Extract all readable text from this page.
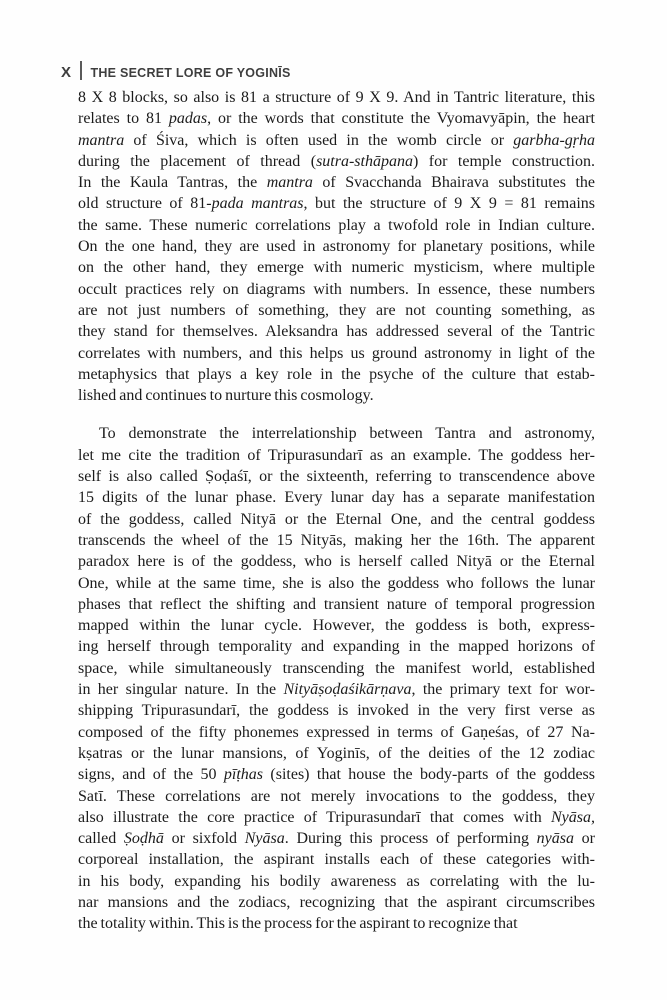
X THE SECRET LORE OF YOGINĪS
8 X 8 blocks, so also is 81 a structure of 9 X 9. And in Tantric literature, this
relates to 81 padas, or the words that constitute the Vyomavyāpin, the heart
mantra of Śiva, which is often used in the womb circle or garbha-gṛha
during the placement of thread (sutra-sthāpana) for temple construction.
In the Kaula Tantras, the mantra of Svacchanda Bhairava substitutes the
old structure of 81-pada mantras, but the structure of 9 X 9 = 81 remains
the same. These numeric correlations play a twofold role in Indian culture.
On the one hand, they are used in astronomy for planetary positions, while
on the other hand, they emerge with numeric mysticism, where multiple
occult practices rely on diagrams with numbers. In essence, these numbers
are not just numbers of something, they are not counting something, as
they stand for themselves. Aleksandra has addressed several of the Tantric
correlates with numbers, and this helps us ground astronomy in light of the
metaphysics that plays a key role in the psyche of the culture that estab-
lished and continues to nurture this cosmology.
To demonstrate the interrelationship between Tantra and astronomy,
let me cite the tradition of Tripurasundarī as an example. The goddess her-
self is also called Ṣoḍaśī, or the sixteenth, referring to transcendence above
15 digits of the lunar phase. Every lunar day has a separate manifestation
of the goddess, called Nityā or the Eternal One, and the central goddess
transcends the wheel of the 15 Nityās, making her the 16th. The apparent
paradox here is of the goddess, who is herself called Nityā or the Eternal
One, while at the same time, she is also the goddess who follows the lunar
phases that reflect the shifting and transient nature of temporal progression
mapped within the lunar cycle. However, the goddess is both, express-
ing herself through temporality and expanding in the mapped horizons of
space, while simultaneously transcending the manifest world, established
in her singular nature. In the Nityāṣoḍaśikārṇava, the primary text for wor-
shipping Tripurasundarī, the goddess is invoked in the very first verse as
composed of the fifty phonemes expressed in terms of Gaṇeśas, of 27 Na-
kṣatras or the lunar mansions, of Yoginīs, of the deities of the 12 zodiac
signs, and of the 50 pīṭhas (sites) that house the body-parts of the goddess
Satī. These correlations are not merely invocations to the goddess, they
also illustrate the core practice of Tripurasundarī that comes with Nyāsa,
called Ṣoḍhā or sixfold Nyāsa. During this process of performing nyāsa or
corporeal installation, the aspirant installs each of these categories with-
in his body, expanding his bodily awareness as correlating with the lu-
nar mansions and the zodiacs, recognizing that the aspirant circumscribes
the totality within. This is the process for the aspirant to recognize that
